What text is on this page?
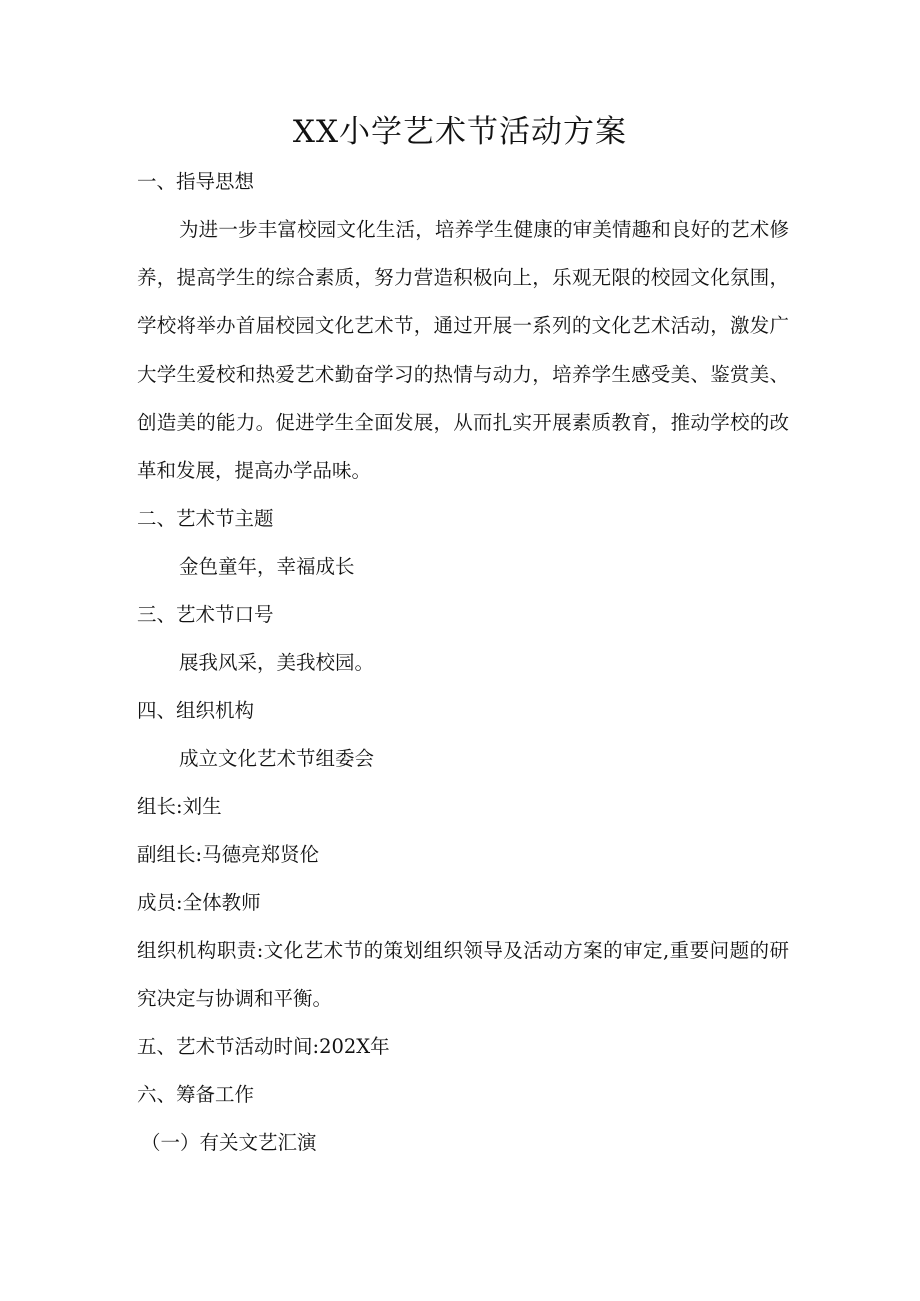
XX小学艺术节活动方案
一、指导思想
为进一步丰富校园文化生活，培养学生健康的审美情趣和良好的艺术修养，提高学生的综合素质，努力营造积极向上，乐观无限的校园文化氛围，学校将举办首届校园文化艺术节，通过开展一系列的文化艺术活动，激发广大学生爱校和热爱艺术勤奋学习的热情与动力，培养学生感受美、鉴赏美、创造美的能力。促进学生全面发展，从而扎实开展素质教育，推动学校的改革和发展，提高办学品味。
二、艺术节主题
金色童年，幸福成长
三、艺术节口号
展我风采，美我校园。
四、组织机构
成立文化艺术节组委会
组长:刘生
副组长:马德亮郑贤伦
成员:全体教师
组织机构职责:文化艺术节的策划组织领导及活动方案的审定,重要问题的研究决定与协调和平衡。
五、艺术节活动时间:202X年
六、筹备工作
（一）有关文艺汇演
